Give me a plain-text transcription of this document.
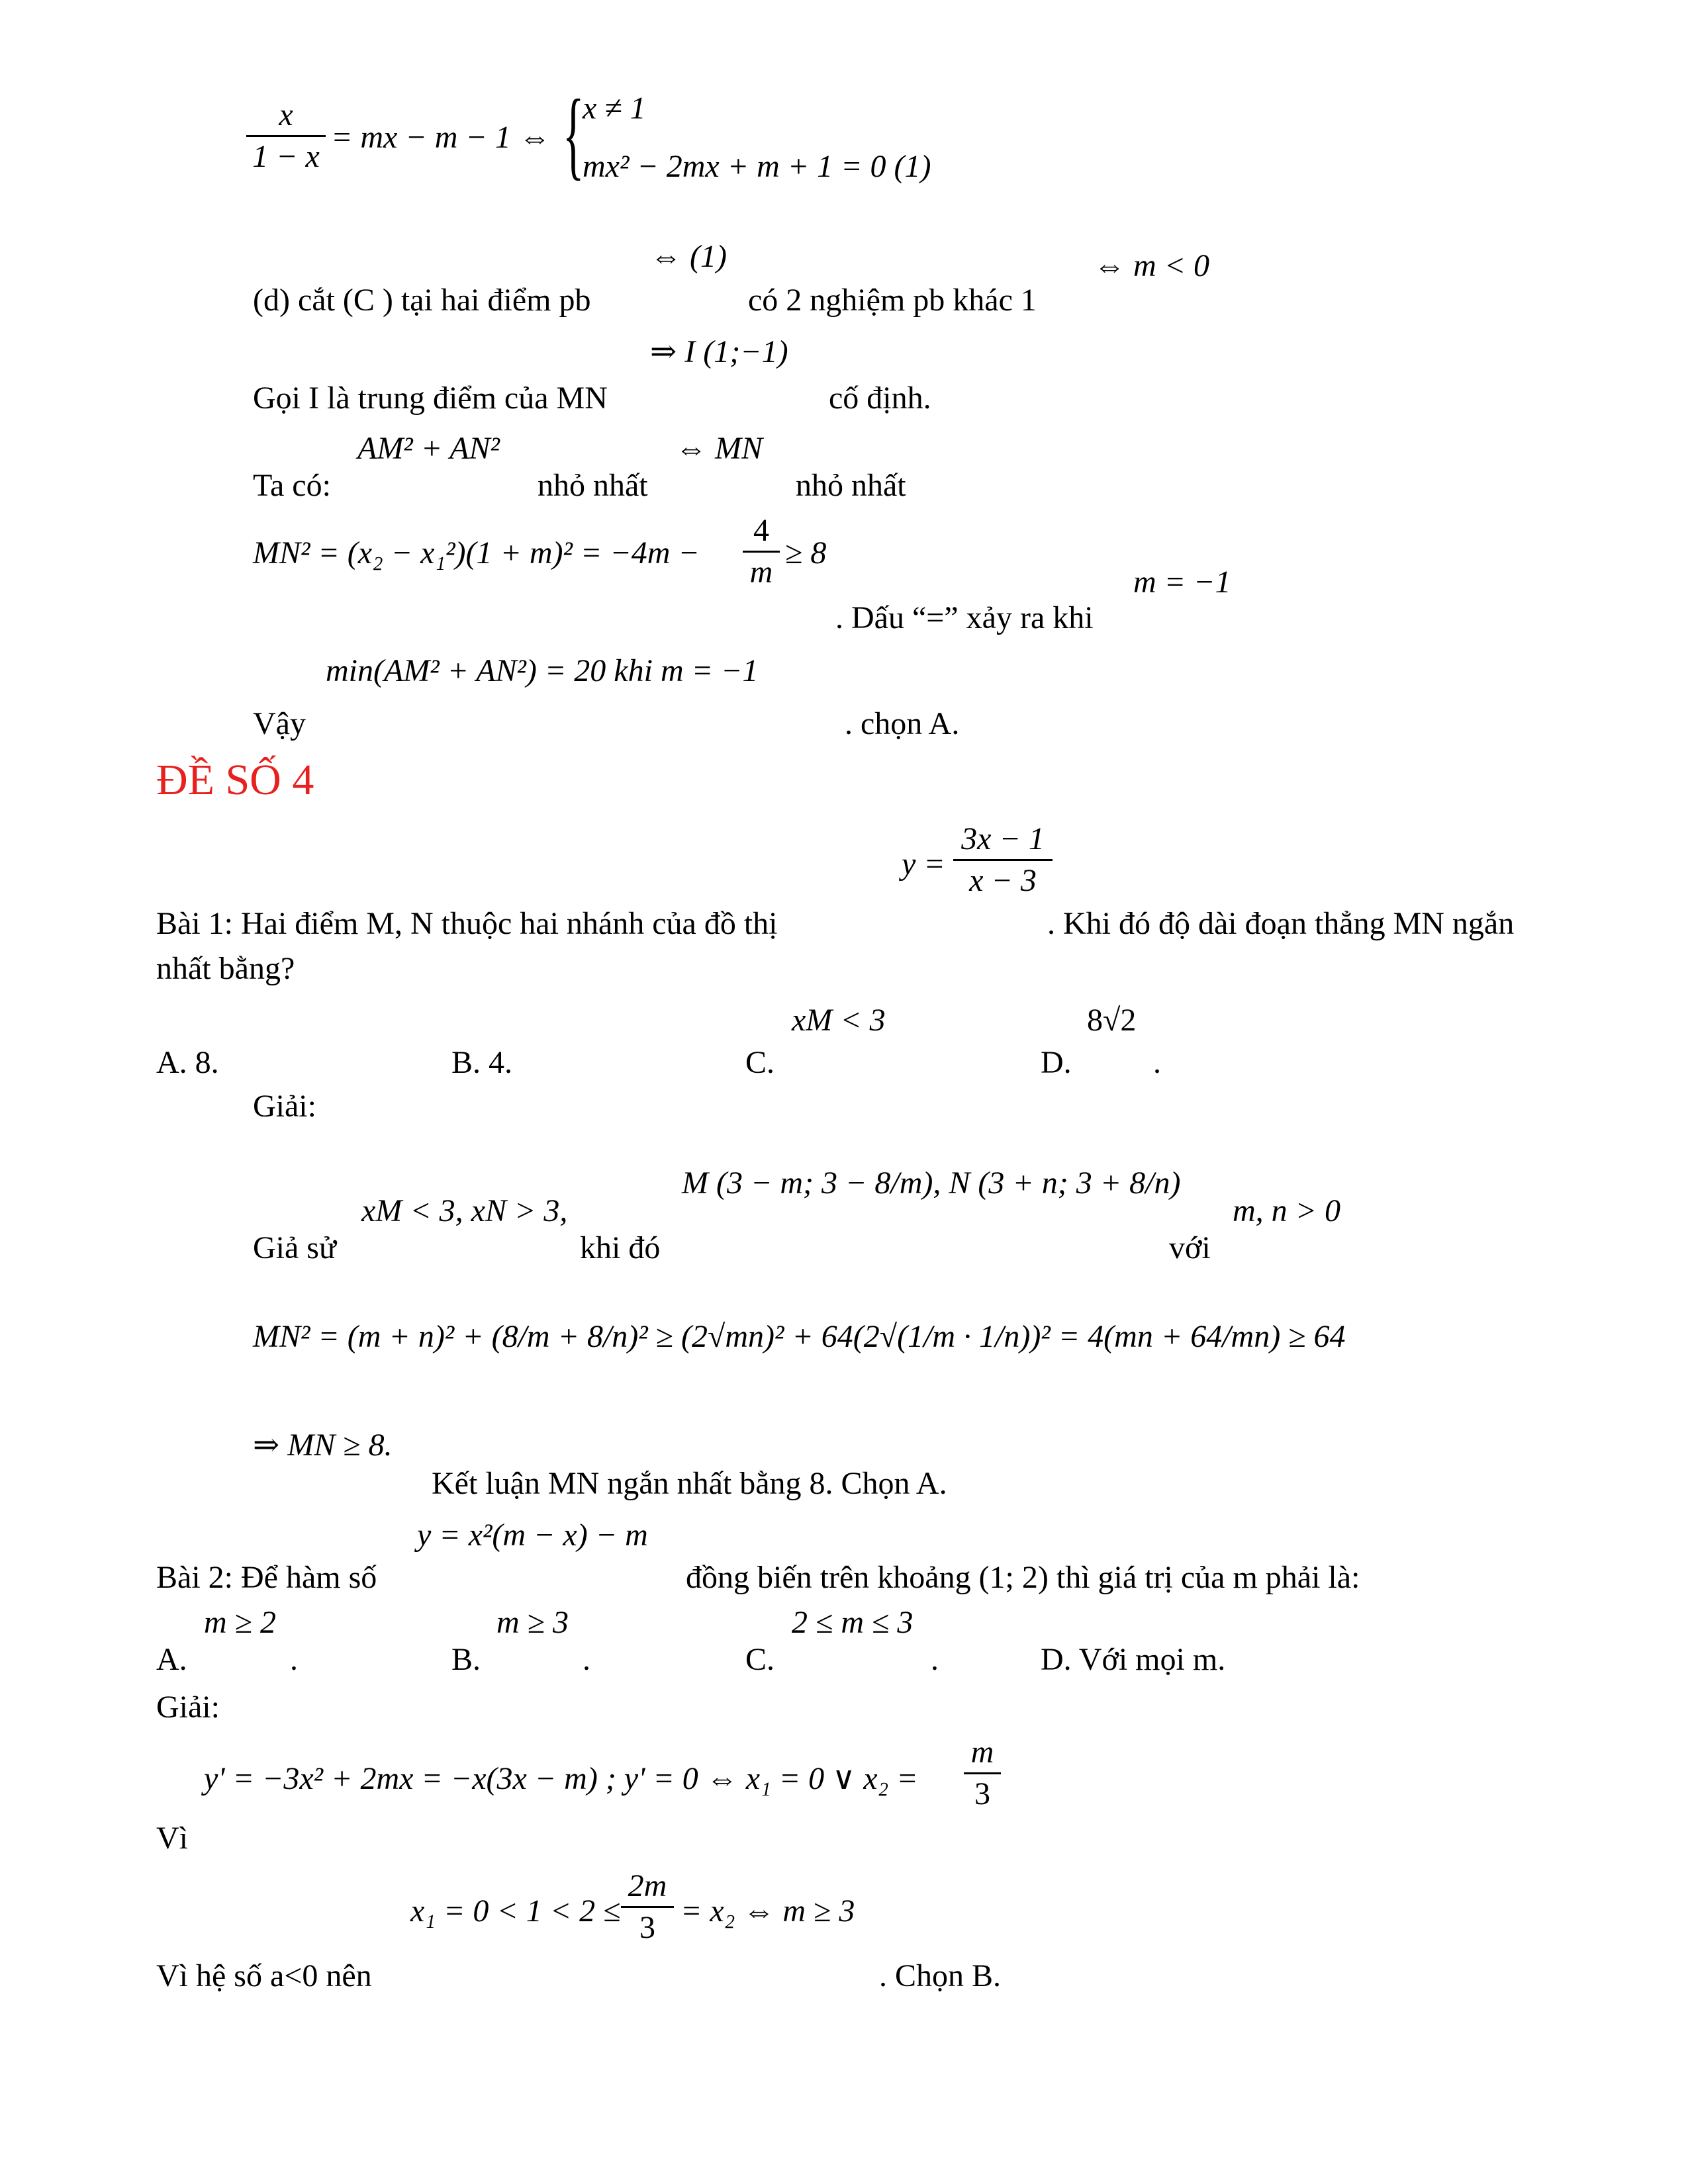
x
1 − x
= mx − m − 1 ⇔ {
x ≠ 1
mx² − 2mx + m + 1 = 0 (1)
⇔ (1)	⇔ m < 0
(d) cắt (C ) tại hai điểm pb	có 2 nghiệm pb khác 1
⇒ I (1;−1)
Gọi I là trung điểm của MN	cố định.
AM² + AN²	⇔ MN
Ta có:	nhỏ nhất	nhỏ nhất
MN² = (x₂ − x₁²)(1 + m)² = −4m −
4
m
≥ 8
m = −1
. Dấu “=” xảy ra khi
min(AM² + AN²) = 20 khi m = −1
Vậy	. chọn A.
ĐỀ SỐ 4
y =
3x − 1
x − 3
Bài 1: Hai điểm M, N thuộc hai nhánh của đồ thị	. Khi đó độ dài đoạn thẳng MN ngắn
nhất bằng?
xM < 3	8√2
A. 8.	B. 4.	C.	D.	.
Giải:
M (3 − m; 3 − 8/m), N (3 + n; 3 + 8/n)
xM < 3, xN > 3,	m, n > 0
Giả sử	khi đó	với
MN² = (m + n)² + (8/m + 8/n)² ≥ (2√mn)² + 64(2√(1/m · 1/n))² = 4(mn + 64/mn) ≥ 64
⇒ MN ≥ 8.
Kết luận MN ngắn nhất bằng 8. Chọn A.
y = x²(m − x) − m
Bài 2: Để hàm số	đồng biến trên khoảng (1; 2) thì giá trị của m phải là:
m ≥ 2	m ≥ 3	2 ≤ m ≤ 3
A.	.	B.	.	C.	.	D. Với mọi m.
Giải:
y' = −3x² + 2mx = −x(3x − m) ; y' = 0 ⇔ x₁ = 0 ∨ x₂ =
m
3
Vì
x₁ = 0 < 1 < 2 ≤
2m
3 = x₂ ⇔ m ≥ 3
Vì hệ số a<0 nên	. Chọn B.
